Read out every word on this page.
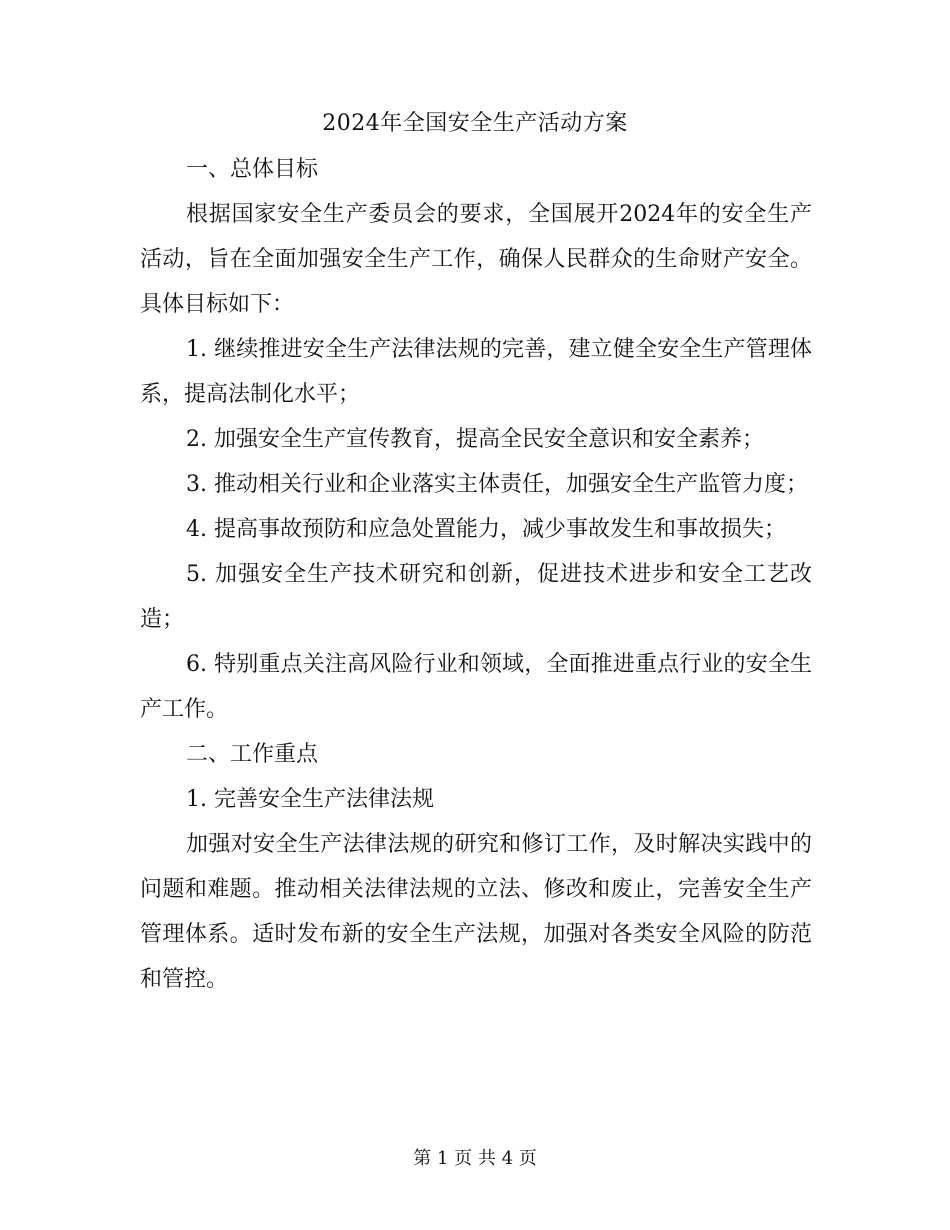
2024年全国安全生产活动方案

一、总体目标

根据国家安全生产委员会的要求，全国展开2024年的安全生产活动，旨在全面加强安全生产工作，确保人民群众的生命财产安全。具体目标如下：

1. 继续推进安全生产法律法规的完善，建立健全安全生产管理体系，提高法制化水平；

2. 加强安全生产宣传教育，提高全民安全意识和安全素养；

3. 推动相关行业和企业落实主体责任，加强安全生产监管力度；

4. 提高事故预防和应急处置能力，减少事故发生和事故损失；

5. 加强安全生产技术研究和创新，促进技术进步和安全工艺改造；

6. 特别重点关注高风险行业和领域，全面推进重点行业的安全生产工作。

二、工作重点

1. 完善安全生产法律法规

加强对安全生产法律法规的研究和修订工作，及时解决实践中的问题和难题。推动相关法律法规的立法、修改和废止，完善安全生产管理体系。适时发布新的安全生产法规，加强对各类安全风险的防范和管控。

第 1 页 共 4 页
